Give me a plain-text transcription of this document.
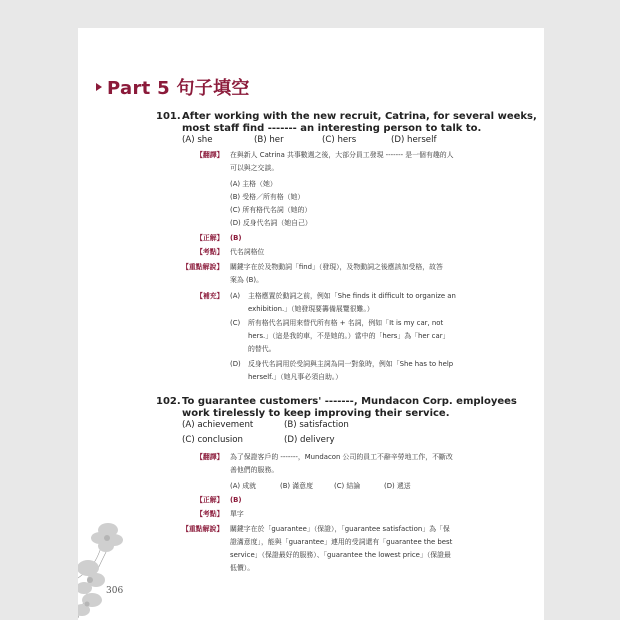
Part 5 句子填空
101.After working with the new recruit, Catrina, for several weeks,
most staff find ------- an interesting person to talk to.
(A) she	(B) her	(C) hers	(D) herself
【翻譯】 在與新人 Catrina 共事數週之後，大部分員工發現 ------- 是一個有趣的人
可以與之交談。
(A) 主格（她）
(B) 受格／所有格（她）
(C) 所有格代名詞（她的）
(D) 反身代名詞（她自己）
【正解】 (B)
【考點】 代名詞格位
【重點解說】 關鍵字在於及物動詞「find」（發現），及物動詞之後應該加受格，故答
案為 (B)。
【補充】 (A) 主格應置於動詞之前，例如「She finds it difficult to organize an
exhibition.」（她發現要籌備展覽很難。）
(C) 所有格代名詞用來替代所有格 + 名詞，例如「It is my car, not
hers.」（這是我的車，不是她的。）當中的「hers」為「her car」
的替代。
(D) 反身代名詞用於受詞與主詞為同一對象時，例如「She has to help
herself.」（她凡事必須自助。）
102.To guarantee customers' -------, Mundacon Corp. employees
work tirelessly to keep improving their service.
(A) achievement	(B) satisfaction
(C) conclusion	(D) delivery
【翻譯】 為了保證客戶的 -------，Mundacon 公司的員工不辭辛勞地工作，不斷改
善他們的服務。
(A) 成就	(B) 滿意度	(C) 結論	(D) 遞送
【正解】 (B)
【考點】 單字
【重點解說】 關鍵字在於「guarantee」（保證），「guarantee satisfaction」為「保
證滿意度」，能與「guarantee」連用的受詞還有「guarantee the best
service」（保證最好的服務）、「guarantee the lowest price」（保證最
低價）。
306
